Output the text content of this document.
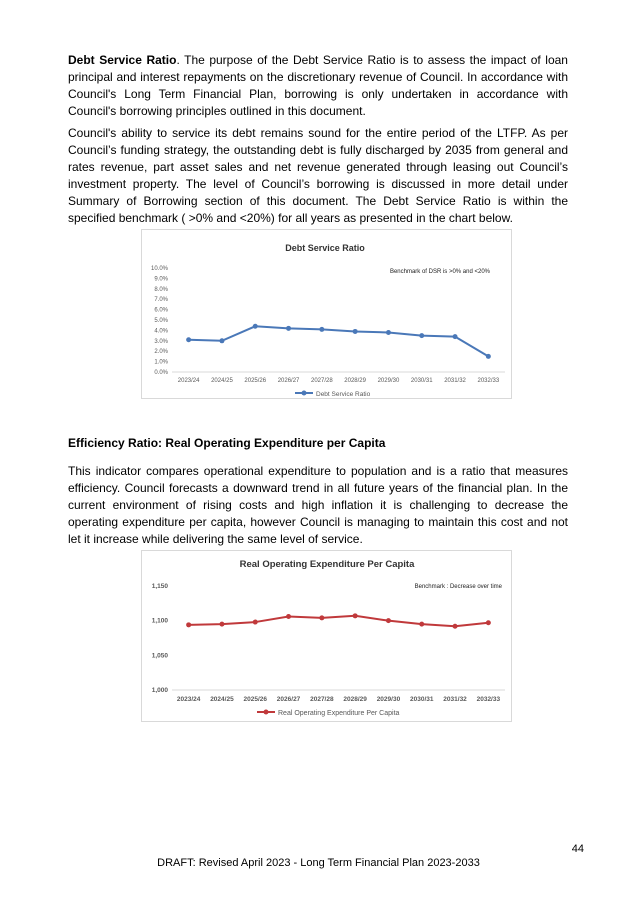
Debt Service Ratio. The purpose of the Debt Service Ratio is to assess the impact of loan principal and interest repayments on the discretionary revenue of Council. In accordance with Council's Long Term Financial Plan, borrowing is only undertaken in accordance with Council's borrowing principles outlined in this document.
Council's ability to service its debt remains sound for the entire period of the LTFP. As per Council’s funding strategy, the outstanding debt is fully discharged by 2035 from general and rates revenue, part asset sales and net revenue generated through leasing out Council’s investment property. The level of Council’s borrowing is discussed in more detail under Summary of Borrowing section of this document. The Debt Service Ratio is within the specified benchmark ( >0% and <20%) for all years as presented in the chart below.
Debt Service Ratio
Benchmark of DSR is >0% and <20%
0.0%
1.0%
2.0%
3.0%
4.0%
5.0%
6.0%
7.0%
8.0%
9.0%
10.0%
2023/24 2024/25 2025/26 2026/27 2027/28 2028/29 2029/30 2030/31 2031/32 2032/33
Debt Service Ratio
Efficiency Ratio: Real Operating Expenditure per Capita
This indicator compares operational expenditure to population and is a ratio that measures efficiency. Council forecasts a downward trend in all future years of the financial plan. In the current environment of rising costs and high inflation it is challenging to decrease the operating expenditure per capita, however Council is managing to maintain this cost and not let it increase while delivering the same level of service.
Real Operating Expenditure Per Capita
Benchmark : Decrease over time
1,000
1,050
1,100
1,150
2023/24 2024/25 2025/26 2026/27 2027/28 2028/29 2029/30 2030/31 2031/32 2032/33
Real Operating Expenditure Per Capita
44
DRAFT: Revised April 2023 - Long Term Financial Plan 2023-2033
